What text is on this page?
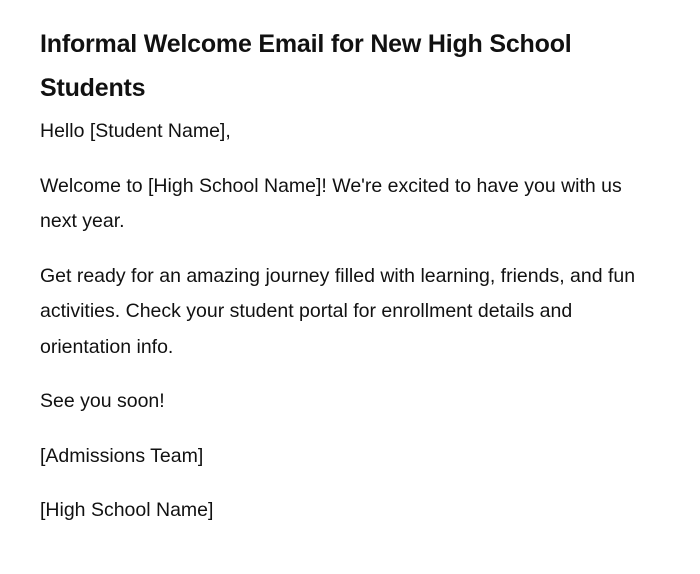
Informal Welcome Email for New High School Students

Hello [Student Name],

Welcome to [High School Name]! We're excited to have you with us next year.

Get ready for an amazing journey filled with learning, friends, and fun activities. Check your student portal for enrollment details and orientation info.

See you soon!

[Admissions Team]

[High School Name]
